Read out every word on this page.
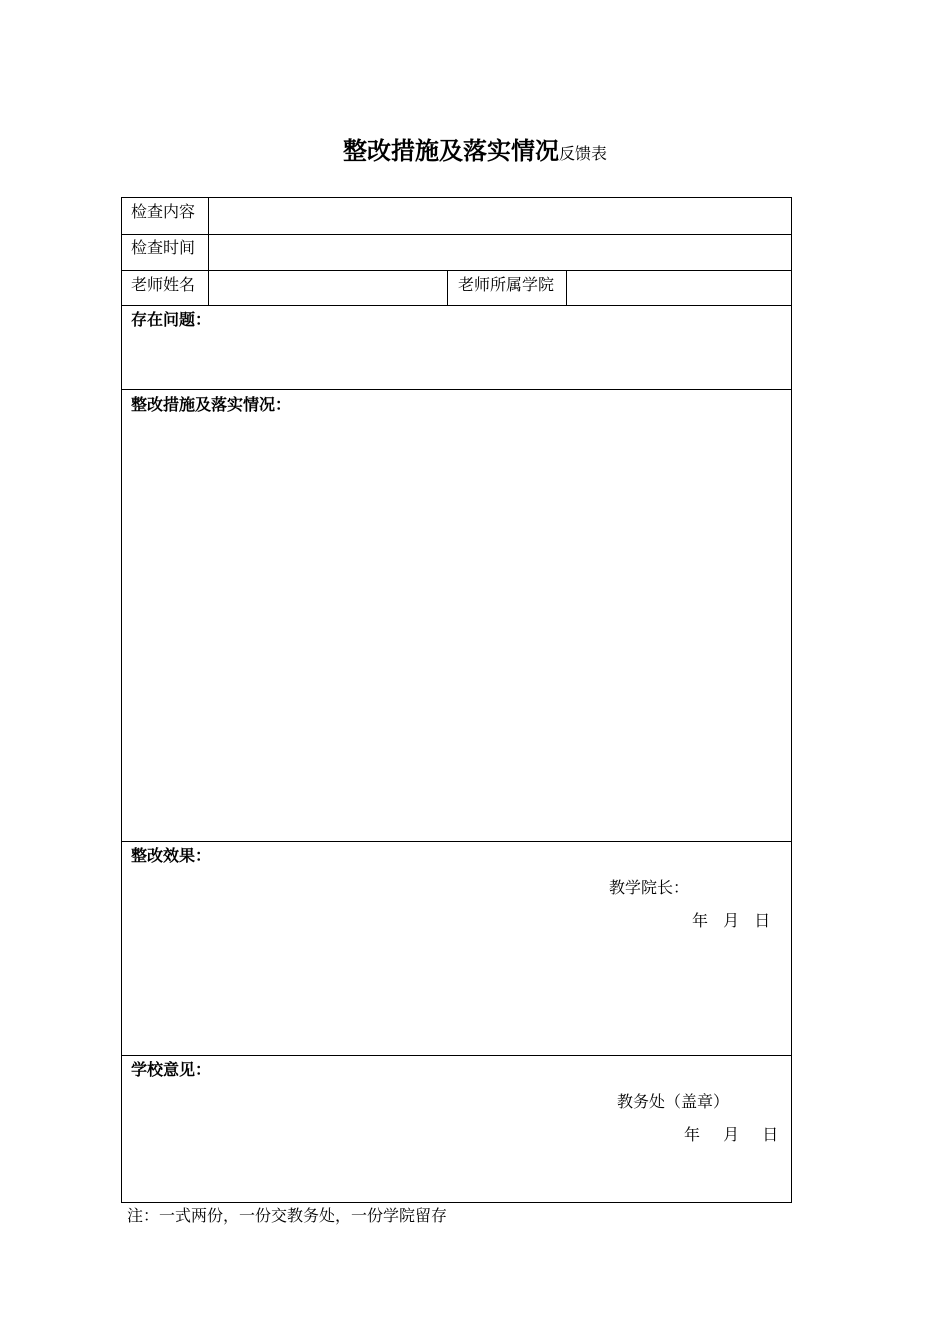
整改措施及落实情况反馈表
检查内容
检查时间
老师姓名	老师所属学院
存在问题：
整改措施及落实情况：
整改效果：
教学院长：
年 月 日
学校意见：
教务处（盖章）
年 月 日
注：一式两份，一份交教务处，一份学院留存
